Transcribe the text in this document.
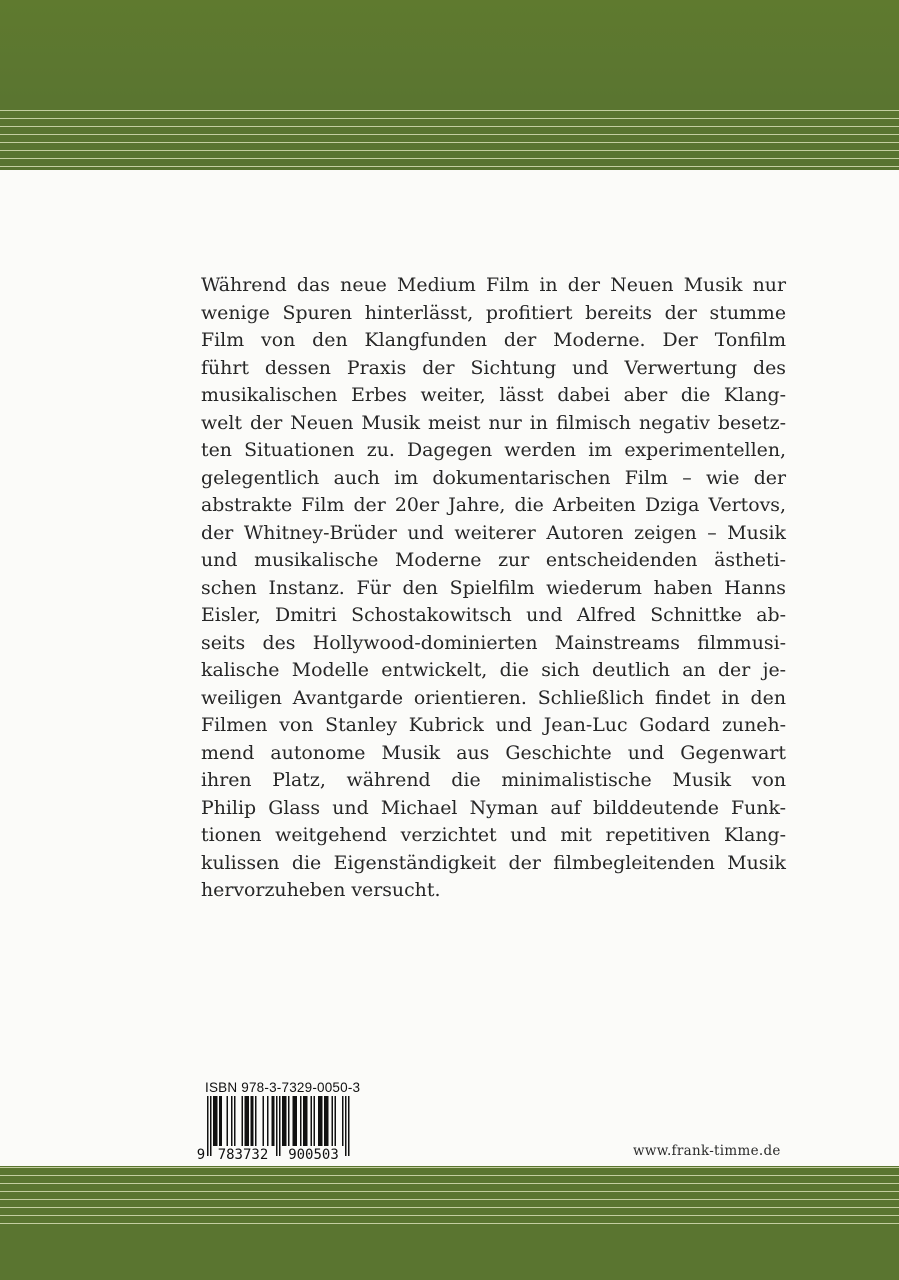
Während das neue Medium Film in der Neuen Musik nur
wenige Spuren hinterlässt, profitiert bereits der stumme
Film von den Klangfunden der Moderne. Der Tonfilm
führt dessen Praxis der Sichtung und Verwertung des
musikalischen Erbes weiter, lässt dabei aber die Klang-
welt der Neuen Musik meist nur in filmisch negativ besetz-
ten Situationen zu. Dagegen werden im experimentellen,
gelegentlich auch im dokumentarischen Film – wie der
abstrakte Film der 20er Jahre, die Arbeiten Dziga Vertovs,
der Whitney-Brüder und weiterer Autoren zeigen – Musik
und musikalische Moderne zur entscheidenden ästheti-
schen Instanz. Für den Spielfilm wiederum haben Hanns
Eisler, Dmitri Schostakowitsch und Alfred Schnittke ab-
seits des Hollywood-dominierten Mainstreams filmmusi-
kalische Modelle entwickelt, die sich deutlich an der je-
weiligen Avantgarde orientieren. Schließlich findet in den
Filmen von Stanley Kubrick und Jean-Luc Godard zuneh-
mend autonome Musik aus Geschichte und Gegenwart
ihren Platz, während die minimalistische Musik von
Philip Glass und Michael Nyman auf bilddeutende Funk-
tionen weitgehend verzichtet und mit repetitiven Klang-
kulissen die Eigenständigkeit der filmbegleitenden Musik
hervorzuheben versucht.
ISBN 978-3-7329-0050-3
9 783732 900503	www.frank-timme.de
